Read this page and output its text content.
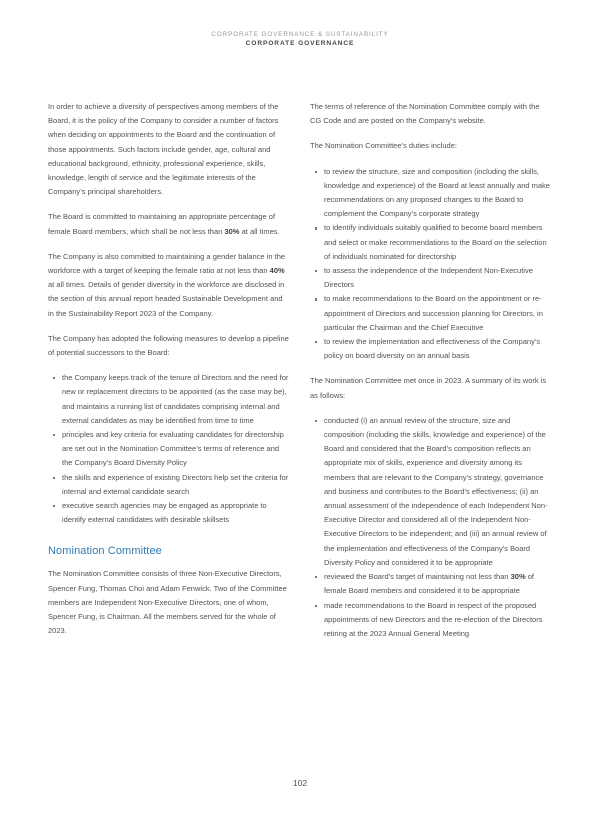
CORPORATE GOVERNANCE & SUSTAINABILITY
CORPORATE GOVERNANCE

In order to achieve a diversity of perspectives among members of the Board, it is the policy of the Company to consider a number of factors when deciding on appointments to the Board and the continuation of those appointments. Such factors include gender, age, cultural and educational background, ethnicity, professional experience, skills, knowledge, length of service and the legitimate interests of the Company’s principal shareholders.

The Board is committed to maintaining an appropriate percentage of female Board members, which shall be not less than 30% at all times.

The Company is also committed to maintaining a gender balance in the workforce with a target of keeping the female ratio at not less than 40% at all times. Details of gender diversity in the workforce are disclosed in the section of this annual report headed Sustainable Development and in the Sustainability Report 2023 of the Company.

The Company has adopted the following measures to develop a pipeline of potential successors to the Board:

the Company keeps track of the tenure of Directors and the need for new or replacement directors to be appointed (as the case may be), and maintains a running list of candidates comprising internal and external candidates as may be identified from time to time
principles and key criteria for evaluating candidates for directorship are set out in the Nomination Committee’s terms of reference and the Company’s Board Diversity Policy
the skills and experience of existing Directors help set the criteria for internal and external candidate search
executive search agencies may be engaged as appropriate to identify external candidates with desirable skillsets
Nomination Committee

The Nomination Committee consists of three Non-Executive Directors, Spencer Fung, Thomas Choi and Adam Fenwick. Two of the Committee members are Independent Non-Executive Directors, one of whom, Spencer Fung, is Chairman. All the members served for the whole of 2023.

The terms of reference of the Nomination Committee comply with the CG Code and are posted on the Company’s website.

The Nomination Committee’s duties include:

to review the structure, size and composition (including the skills, knowledge and experience) of the Board at least annually and make recommendations on any proposed changes to the Board to complement the Company’s corporate strategy
to identify individuals suitably qualified to become board members and select or make recommendations to the Board on the selection of individuals nominated for directorship
to assess the independence of the Independent Non-Executive Directors
to make recommendations to the Board on the appointment or re-appointment of Directors and succession planning for Directors, in particular the Chairman and the Chief Executive
to review the implementation and effectiveness of the Company’s policy on board diversity on an annual basis

The Nomination Committee met once in 2023. A summary of its work is as follows:

conducted (i) an annual review of the structure, size and composition (including the skills, knowledge and experience) of the Board and considered that the Board’s composition reflects an appropriate mix of skills, experience and diversity among its members that are relevant to the Company’s strategy, governance and business and contributes to the Board’s effectiveness; (ii) an annual assessment of the independence of each Independent Non-Executive Director and considered all of the Independent Non-Executive Directors to be independent; and (iii) an annual review of the implementation and effectiveness of the Company’s Board Diversity Policy and considered it to be appropriate
reviewed the Board’s target of maintaining not less than 30% of female Board members and considered it to be appropriate
made recommendations to the Board in respect of the proposed appointments of new Directors and the re-election of the Directors retiring at the 2023 Annual General Meeting
102
